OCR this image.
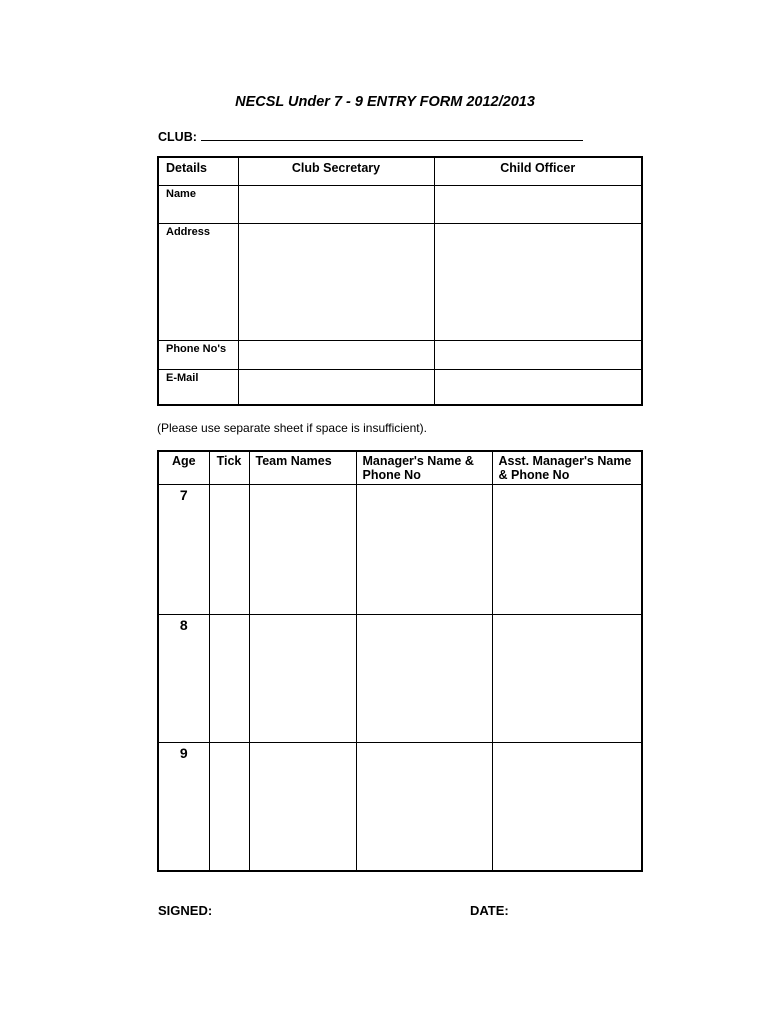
NECSL Under 7 - 9 ENTRY FORM 2012/2013
CLUB:
Details	Club Secretary	Child Officer
Name		
Address		
Phone No's		
E-Mail		
(Please use separate sheet if space is insufficient).
Age	Tick	Team Names	Manager's Name & Phone No	Asst. Manager's Name & Phone No
7				
8				
9				
SIGNED:	DATE:
